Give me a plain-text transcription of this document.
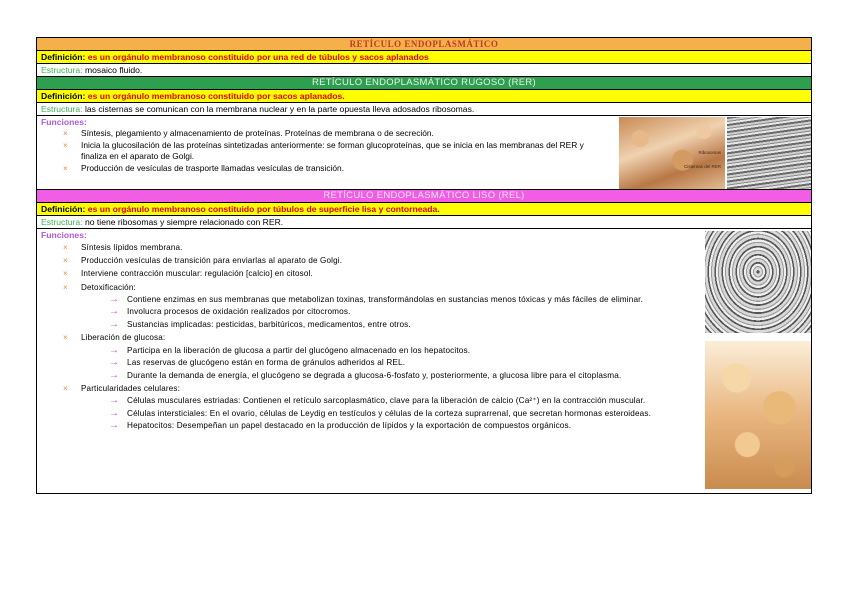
RETÍCULO ENDOPLASMÁTICO
Definición: es un orgánulo membranoso constituido por una red de túbulos y sacos aplanados
Estructura: mosaico fluido.
RETÍCULO ENDOPLASMÁTICO RUGOSO (RER)
Definición: es un orgánulo membranoso constituido por sacos aplanados.
Estructura: las cisternas se comunican con la membrana nuclear y en la parte opuesta lleva adosados ribosomas.
Funciones:
× Síntesis, plegamiento y almacenamiento de proteínas. Proteínas de membrana o de secreción.
× Inicia la glucosilación de las proteínas sintetizadas anteriormente: se forman glucoproteínas, que se inicia en las membranas del RER y finaliza en el aparato de Golgi.
× Producción de vesículas de trasporte llamadas vesículas de transición.
Ribosomas
Cisternas del RER
RETÍCULO ENDOPLASMÁTICO LISO (REL)
Definición: es un orgánulo membranoso constituido por túbulos de superficie lisa y contorneada.
Estructura: no tiene ribosomas y siempre relacionado con RER.
Funciones:
× Síntesis lípidos membrana.
× Producción vesículas de transición para enviarlas al aparato de Golgi.
× Interviene contracción muscular: regulación [calcio] en citosol.
× Detoxificación:
→ Contiene enzimas en sus membranas que metabolizan toxinas, transformándolas en sustancias menos tóxicas y más fáciles de eliminar.
→ Involucra procesos de oxidación realizados por citocromos.
→ Sustancias implicadas: pesticidas, barbitúricos, medicamentos, entre otros.
× Liberación de glucosa:
→ Participa en la liberación de glucosa a partir del glucógeno almacenado en los hepatocitos.
→ Las reservas de glucógeno están en forma de gránulos adheridos al REL.
→ Durante la demanda de energía, el glucógeno se degrada a glucosa-6-fosfato y, posteriormente, a glucosa libre para el citoplasma.
× Particularidades celulares:
→ Células musculares estriadas: Contienen el retículo sarcoplasmático, clave para la liberación de calcio (Ca²⁺) en la contracción muscular.
→ Células intersticiales: En el ovario, células de Leydig en testículos y células de la corteza suprarrenal, que secretan hormonas esteroideas.
→ Hepatocitos: Desempeñan un papel destacado en la producción de lípidos y la exportación de compuestos orgánicos.
